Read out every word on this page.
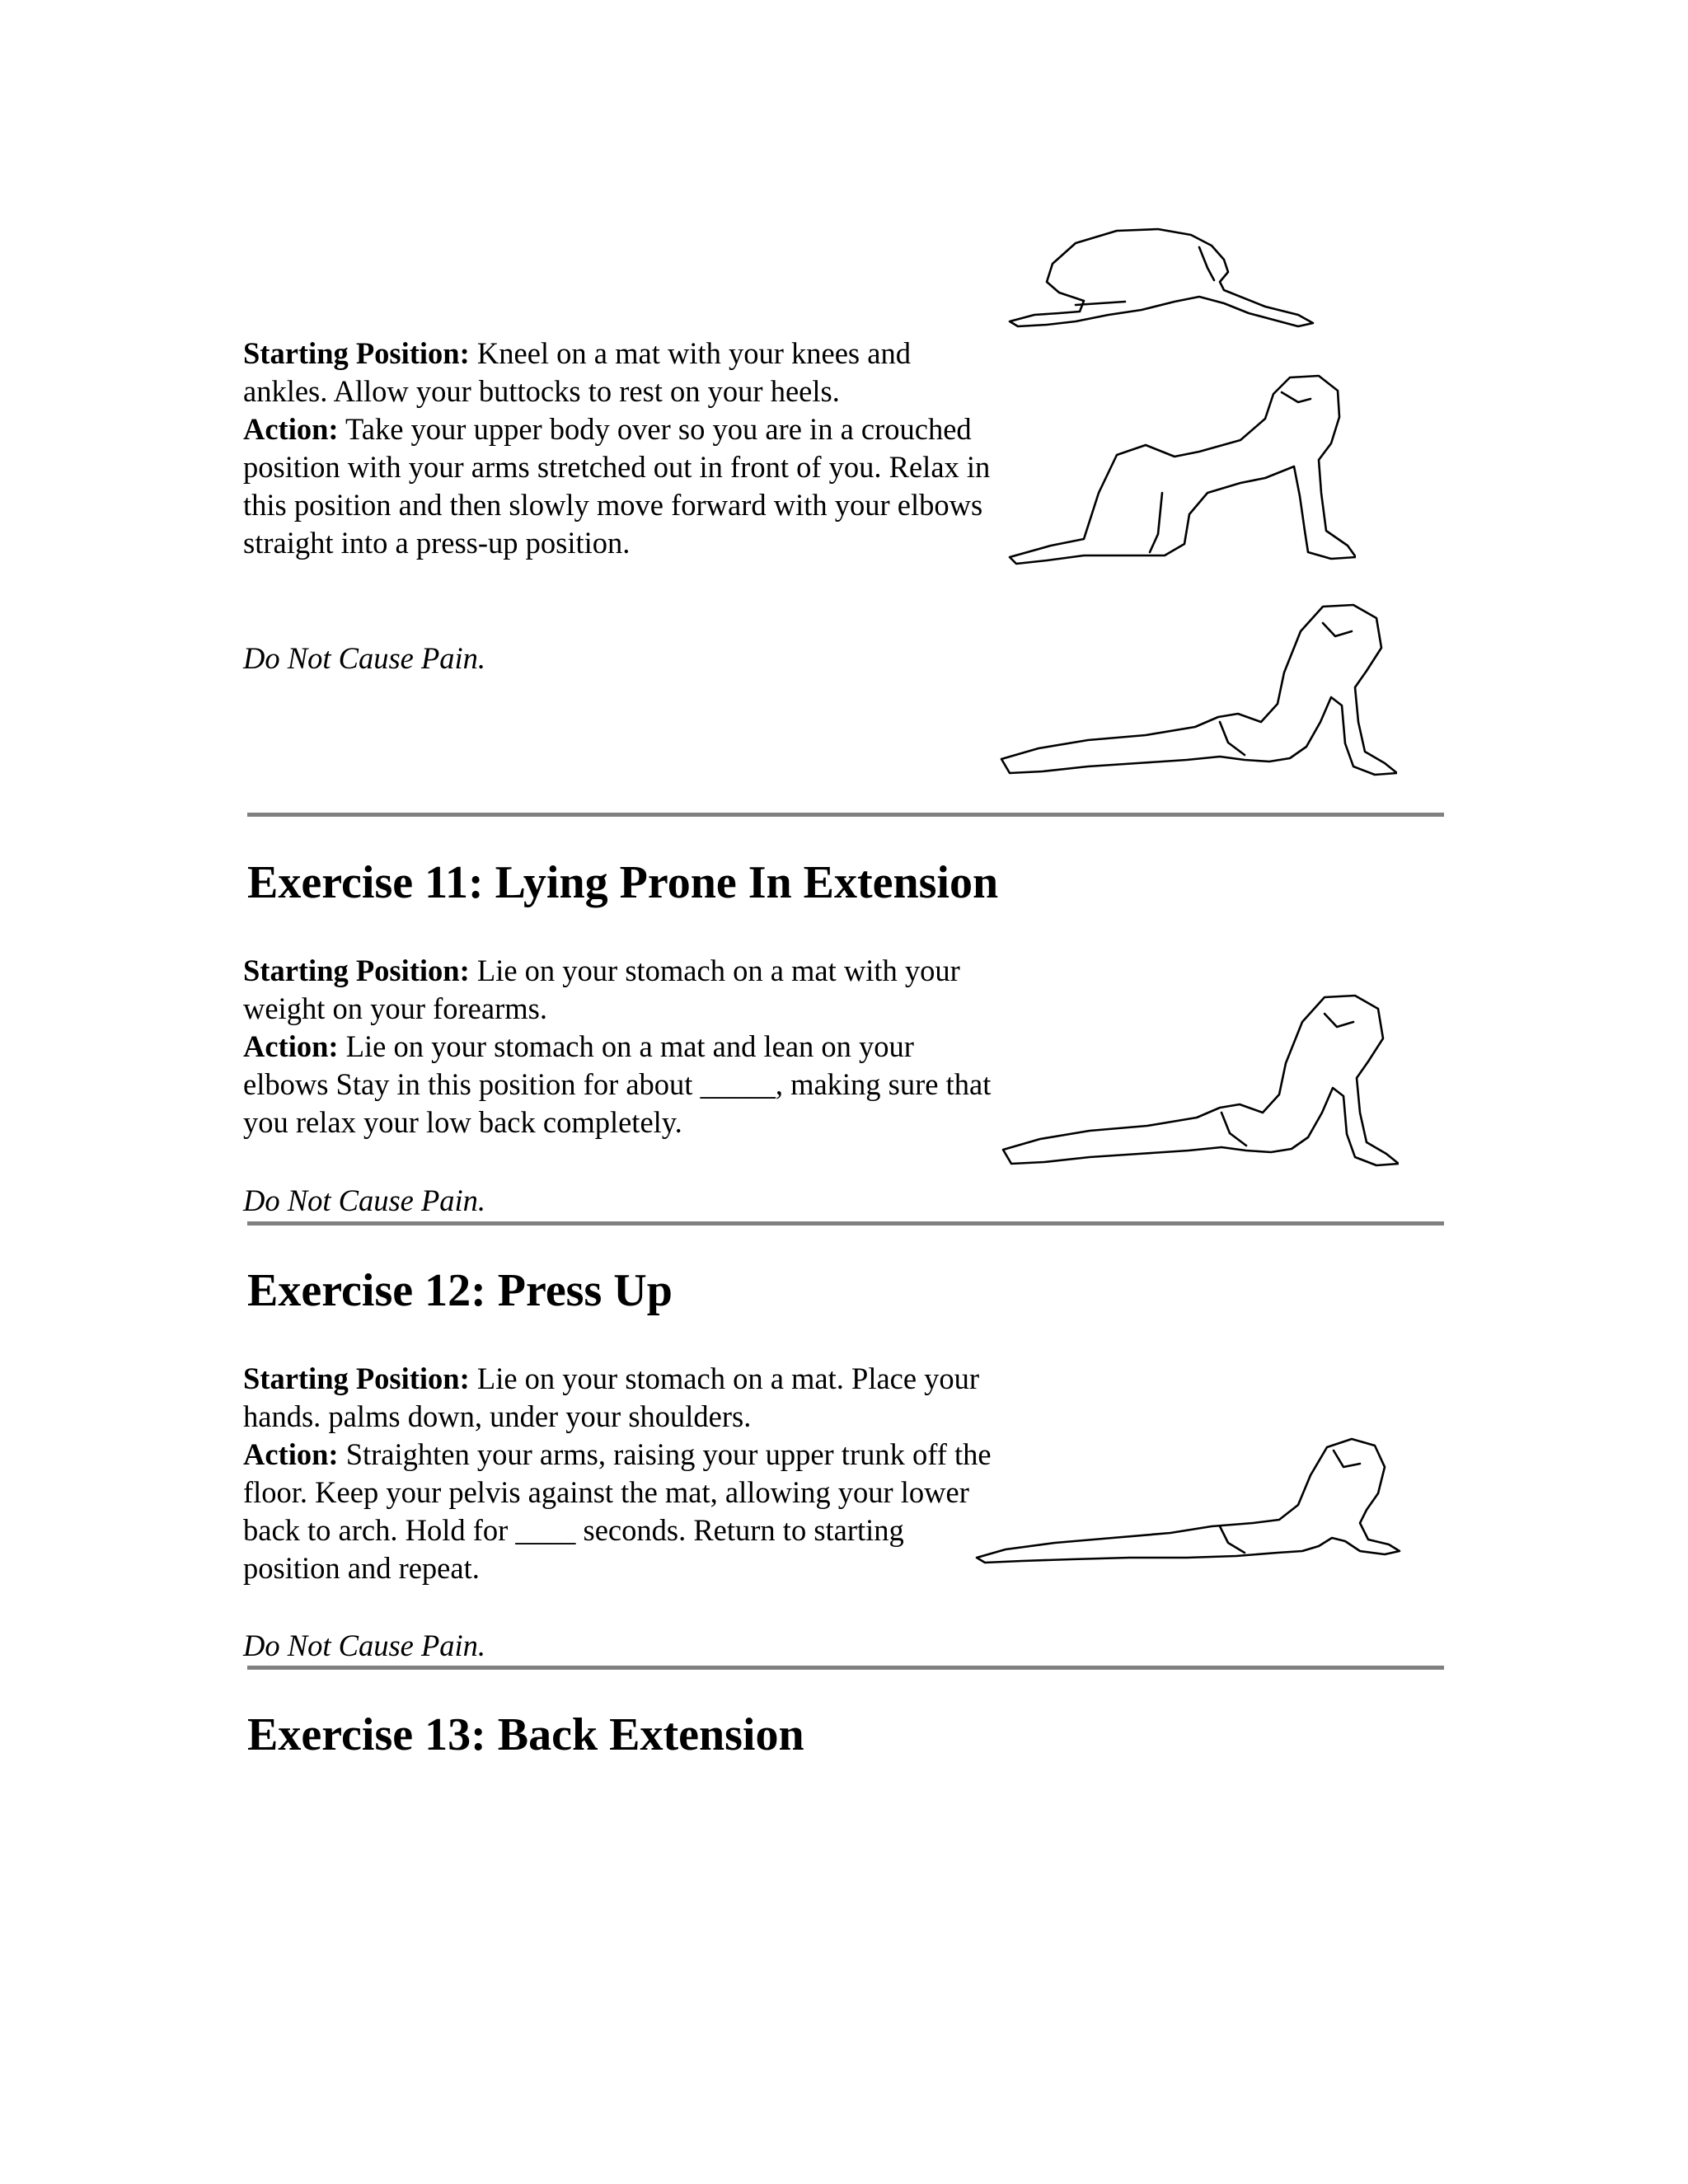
Starting Position: Kneel on a mat with your knees and ankles. Allow your buttocks to rest on your heels.
Action: Take your upper body over so you are in a crouched position with your arms stretched out in front of you. Relax in this position and then slowly move forward with your elbows straight into a press-up position.

Do Not Cause Pain.
Exercise 11: Lying Prone In Extension

Starting Position: Lie on your stomach on a mat with your weight on your forearms.
Action: Lie on your stomach on a mat and lean on your elbows Stay in this position for about _____, making sure that you relax your low back completely.

Do Not Cause Pain.
Exercise 12: Press Up

Starting Position: Lie on your stomach on a mat. Place your hands. palms down, under your shoulders.
Action: Straighten your arms, raising your upper trunk off the floor. Keep your pelvis against the mat, allowing your lower back to arch. Hold for ____ seconds. Return to starting position and repeat.

Do Not Cause Pain.
Exercise 13: Back Extension
